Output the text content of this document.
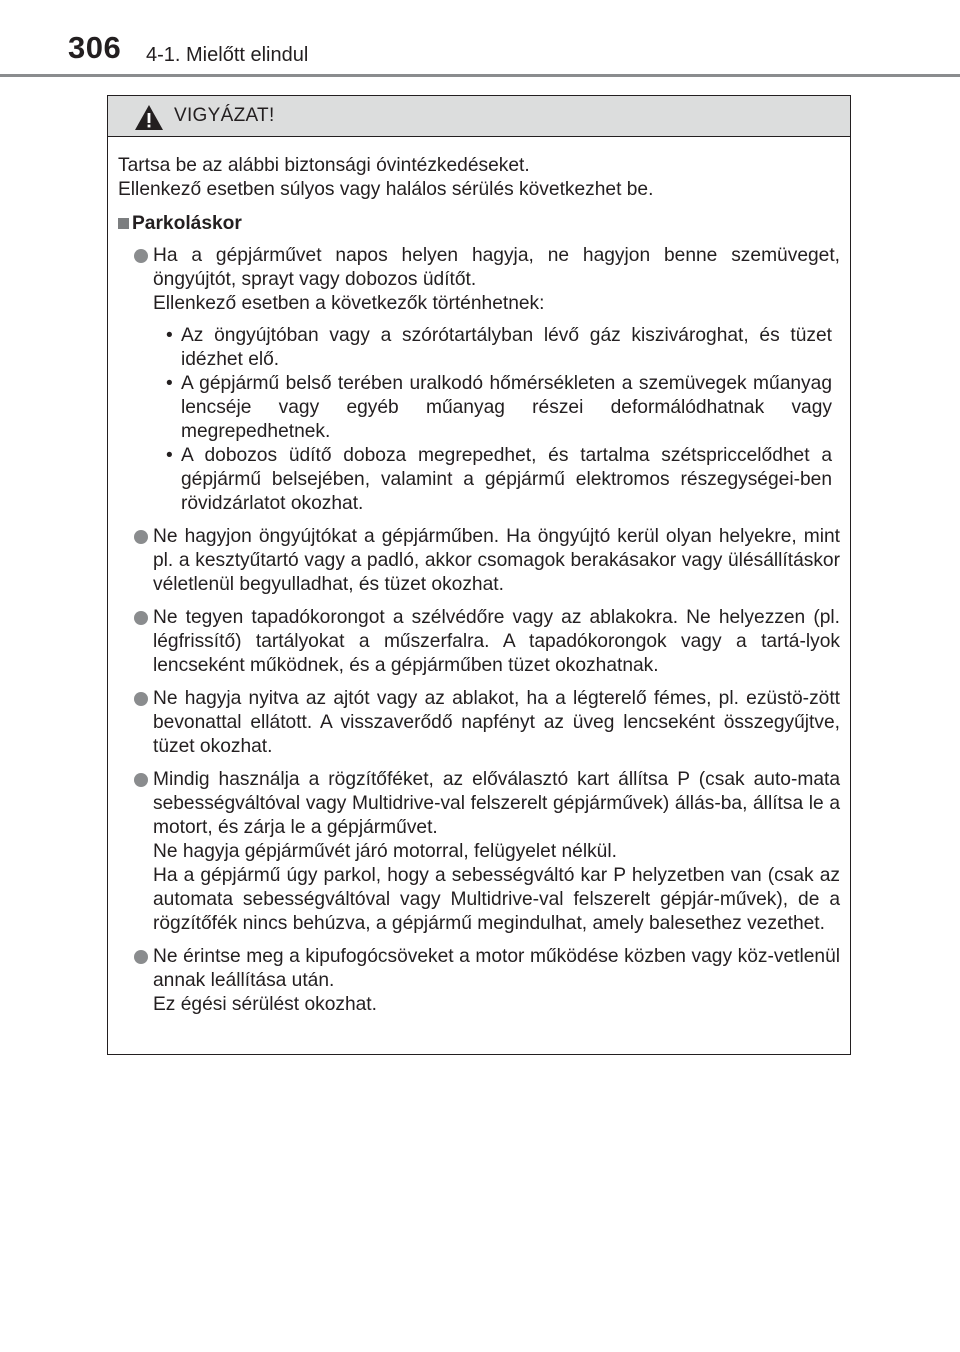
306 4-1. Mielőtt elindul
VIGYÁZAT!

Tartsa be az alábbi biztonsági óvintézkedéseket.

Ellenkező esetben súlyos vagy halálos sérülés következhet be.

Parkoláskor

Ha a gépjárművet napos helyen hagyja, ne hagyjon benne szemüveget, öngyújtót, sprayt vagy dobozos üdítőt.

Ellenkező esetben a következők történhetnek:

• Az öngyújtóban vagy a szórótartályban lévő gáz kiszivároghat, és tüzet idézhet elő.
• A gépjármű belső terében uralkodó hőmérsékleten a szemüvegek műanyag lencséje vagy egyéb műanyag részei deformálódhatnak vagy megrepedhetnek.
• A dobozos üdítő doboza megrepedhet, és tartalma szétspriccelődhet a gépjármű belsejében, valamint a gépjármű elektromos részegységei-ben rövidzárlatot okozhat.

Ne hagyjon öngyújtókat a gépjárműben. Ha öngyújtó kerül olyan helyekre, mint pl. a kesztyűtartó vagy a padló, akkor csomagok berakásakor vagy ülésállításkor véletlenül begyulladhat, és tüzet okozhat.

Ne tegyen tapadókorongot a szélvédőre vagy az ablakokra. Ne helyezzen (pl. légfrissítő) tartályokat a műszerfalra. A tapadókorongok vagy a tartá-lyok lencseként működnek, és a gépjárműben tüzet okozhatnak.

Ne hagyja nyitva az ajtót vagy az ablakot, ha a légterelő fémes, pl. ezüstö-zött bevonattal ellátott. A visszaverődő napfényt az üveg lencseként összegyűjtve, tüzet okozhat.

Mindig használja a rögzítőféket, az előválasztó kart állítsa P (csak auto-mata sebességváltóval vagy Multidrive-val felszerelt gépjárművek) állás-ba, állítsa le a motort, és zárja le a gépjárművet.

Ne hagyja gépjárművét járó motorral, felügyelet nélkül.

Ha a gépjármű úgy parkol, hogy a sebességváltó kar P helyzetben van (csak az automata sebességváltóval vagy Multidrive-val felszerelt gépjár-művek), de a rögzítőfék nincs behúzva, a gépjármű megindulhat, amely balesethez vezethet.

Ne érintse meg a kipufogócsöveket a motor működése közben vagy köz-vetlenül annak leállítása után.

Ez égési sérülést okozhat.
